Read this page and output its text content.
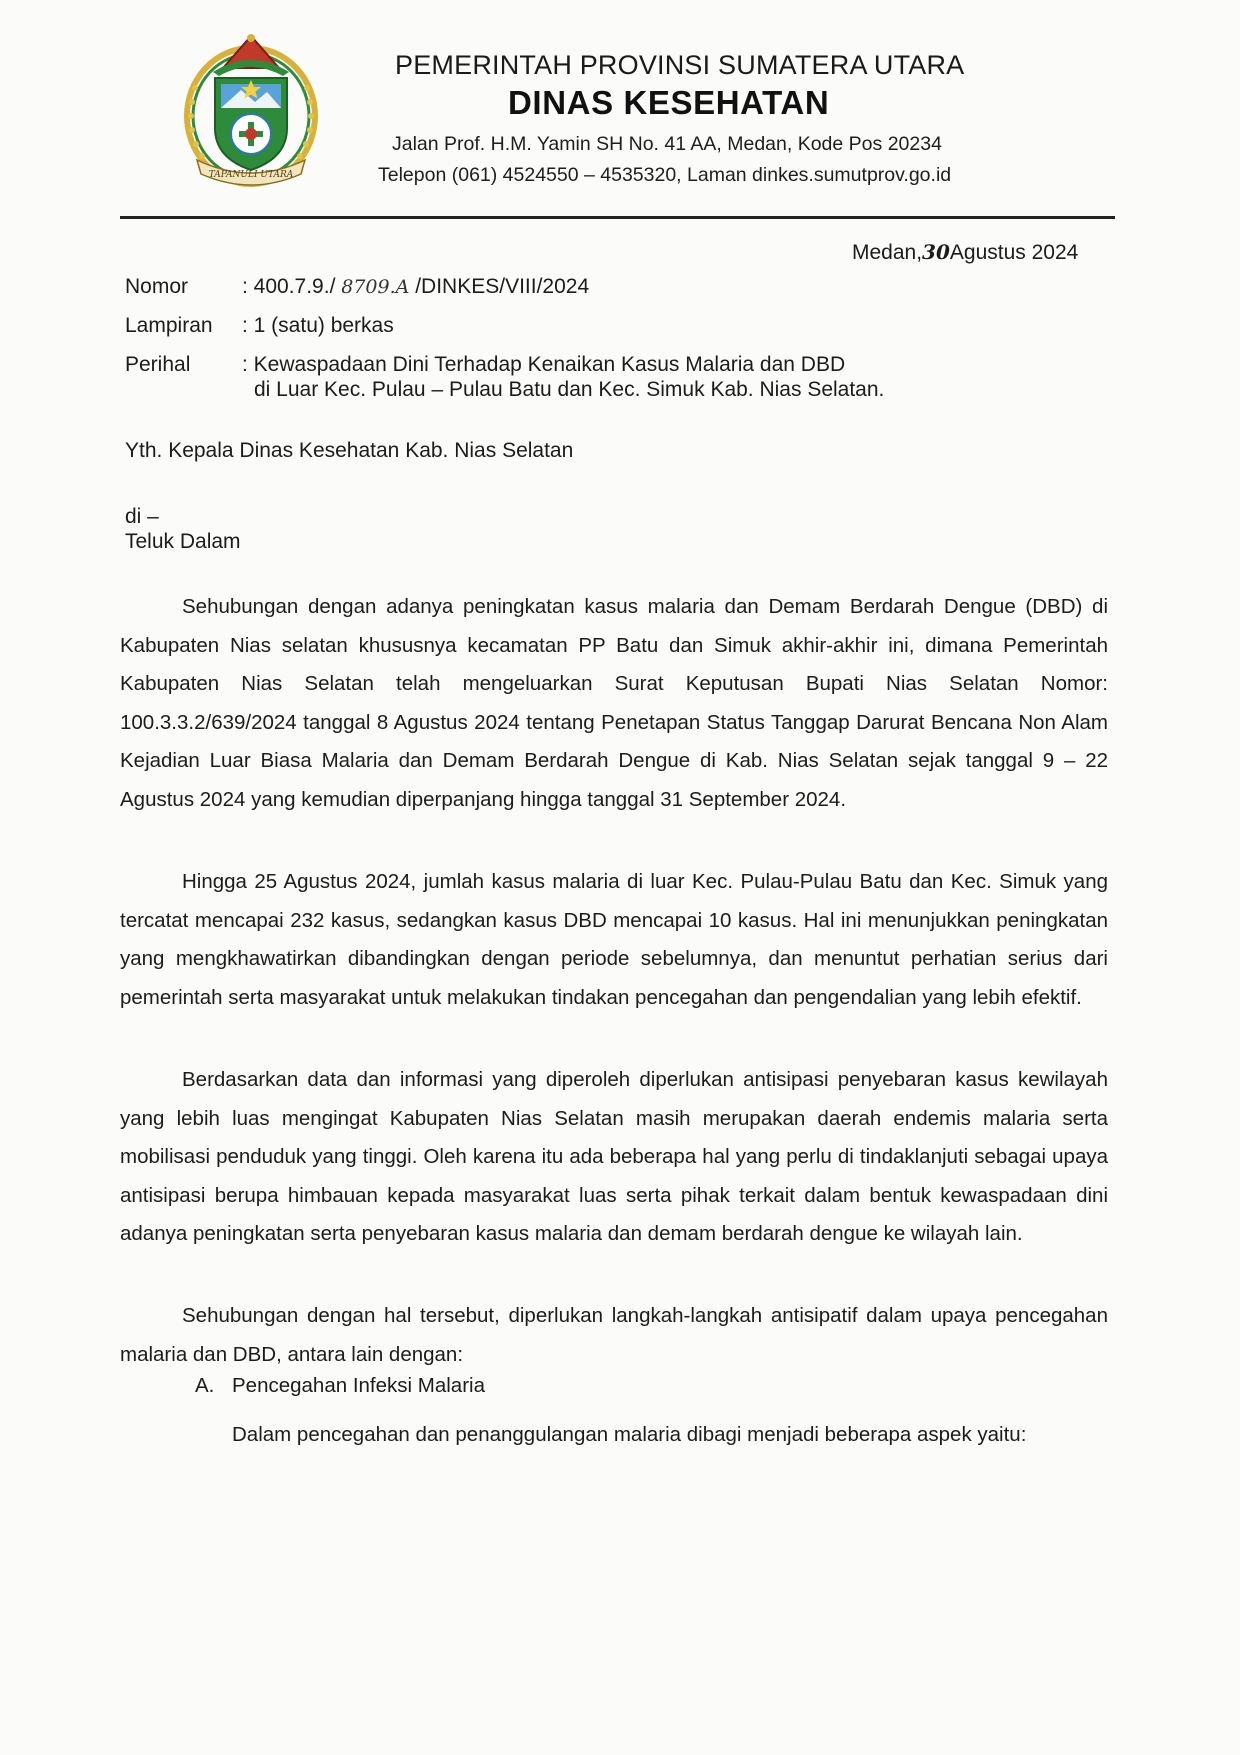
TAPANULI UTARA
PEMERINTAH PROVINSI SUMATERA UTARA
DINAS KESEHATAN
Jalan Prof. H.M. Yamin SH No. 41 AA, Medan, Kode Pos 20234
Telepon (061) 4524550 – 4535320, Laman dinkes.sumutprov.go.id
Medan,30Agustus 2024
Nomor	: 400.7.9./ 8709.A /DINKES/VIII/2024
Lampiran : 1 (satu) berkas
Perihal : Kewaspadaan Dini Terhadap Kenaikan Kasus Malaria dan DBD
di Luar Kec. Pulau – Pulau Batu dan Kec. Simuk Kab. Nias Selatan.
Yth. Kepala Dinas Kesehatan Kab. Nias Selatan
di –
Teluk Dalam
Sehubungan dengan adanya peningkatan kasus malaria dan Demam Berdarah Dengue (DBD) di Kabupaten Nias selatan khususnya kecamatan PP Batu dan Simuk akhir-akhir ini, dimana Pemerintah Kabupaten Nias Selatan telah mengeluarkan Surat Keputusan Bupati Nias Selatan Nomor: 100.3.3.2/639/2024 tanggal 8 Agustus 2024 tentang Penetapan Status Tanggap Darurat Bencana Non Alam Kejadian Luar Biasa Malaria dan Demam Berdarah Dengue di Kab. Nias Selatan sejak tanggal 9 – 22 Agustus 2024 yang kemudian diperpanjang hingga tanggal 31 September 2024.
Hingga 25 Agustus 2024, jumlah kasus malaria di luar Kec. Pulau-Pulau Batu dan Kec. Simuk yang tercatat mencapai 232 kasus, sedangkan kasus DBD mencapai 10 kasus. Hal ini menunjukkan peningkatan yang mengkhawatirkan dibandingkan dengan periode sebelumnya, dan menuntut perhatian serius dari pemerintah serta masyarakat untuk melakukan tindakan pencegahan dan pengendalian yang lebih efektif.
Berdasarkan data dan informasi yang diperoleh diperlukan antisipasi penyebaran kasus kewilayah yang lebih luas mengingat Kabupaten Nias Selatan masih merupakan daerah endemis malaria serta mobilisasi penduduk yang tinggi. Oleh karena itu ada beberapa hal yang perlu di tindaklanjuti sebagai upaya antisipasi berupa himbauan kepada masyarakat luas serta pihak terkait dalam bentuk kewaspadaan dini adanya peningkatan serta penyebaran kasus malaria dan demam berdarah dengue ke wilayah lain.
Sehubungan dengan hal tersebut, diperlukan langkah-langkah antisipatif dalam upaya pencegahan malaria dan DBD, antara lain dengan:
A. Pencegahan Infeksi Malaria
Dalam pencegahan dan penanggulangan malaria dibagi menjadi beberapa aspek yaitu:
